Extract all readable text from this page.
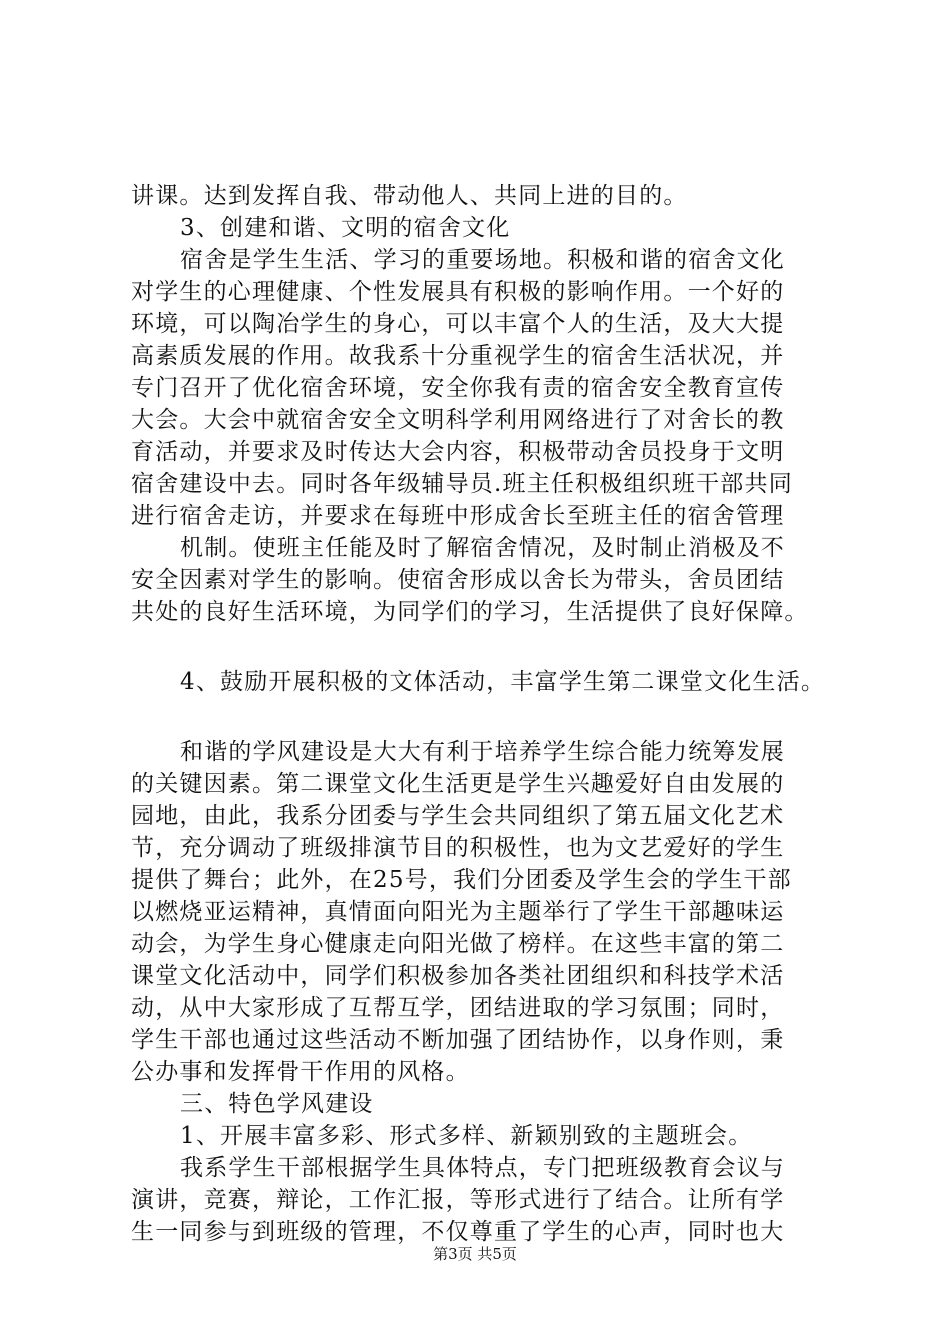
讲课。达到发挥自我、带动他人、共同上进的目的。
3、创建和谐、文明的宿舍文化
宿舍是学生生活、学习的重要场地。积极和谐的宿舍文化
对学生的心理健康、个性发展具有积极的影响作用。一个好的
环境，可以陶冶学生的身心，可以丰富个人的生活，及大大提
高素质发展的作用。故我系十分重视学生的宿舍生活状况，并
专门召开了优化宿舍环境，安全你我有责的宿舍安全教育宣传
大会。大会中就宿舍安全文明科学利用网络进行了对舍长的教
育活动，并要求及时传达大会内容，积极带动舍员投身于文明
宿舍建设中去。同时各年级辅导员.班主任积极组织班干部共同
进行宿舍走访，并要求在每班中形成舍长至班主任的宿舍管理
机制。使班主任能及时了解宿舍情况，及时制止消极及不
安全因素对学生的影响。使宿舍形成以舍长为带头，舍员团结
共处的良好生活环境，为同学们的学习，生活提供了良好保障。
4、鼓励开展积极的文体活动，丰富学生第二课堂文化生活。
和谐的学风建设是大大有利于培养学生综合能力统筹发展
的关键因素。第二课堂文化生活更是学生兴趣爱好自由发展的
园地，由此，我系分团委与学生会共同组织了第五届文化艺术
节，充分调动了班级排演节目的积极性，也为文艺爱好的学生
提供了舞台；此外，在25号，我们分团委及学生会的学生干部
以燃烧亚运精神，真情面向阳光为主题举行了学生干部趣味运
动会，为学生身心健康走向阳光做了榜样。在这些丰富的第二
课堂文化活动中，同学们积极参加各类社团组织和科技学术活
动，从中大家形成了互帮互学，团结进取的学习氛围；同时，
学生干部也通过这些活动不断加强了团结协作，以身作则，秉
公办事和发挥骨干作用的风格。
三、特色学风建设
1、开展丰富多彩、形式多样、新颖别致的主题班会。
我系学生干部根据学生具体特点，专门把班级教育会议与
演讲，竞赛，辩论，工作汇报，等形式进行了结合。让所有学
生一同参与到班级的管理，不仅尊重了学生的心声，同时也大
第3页 共5页
